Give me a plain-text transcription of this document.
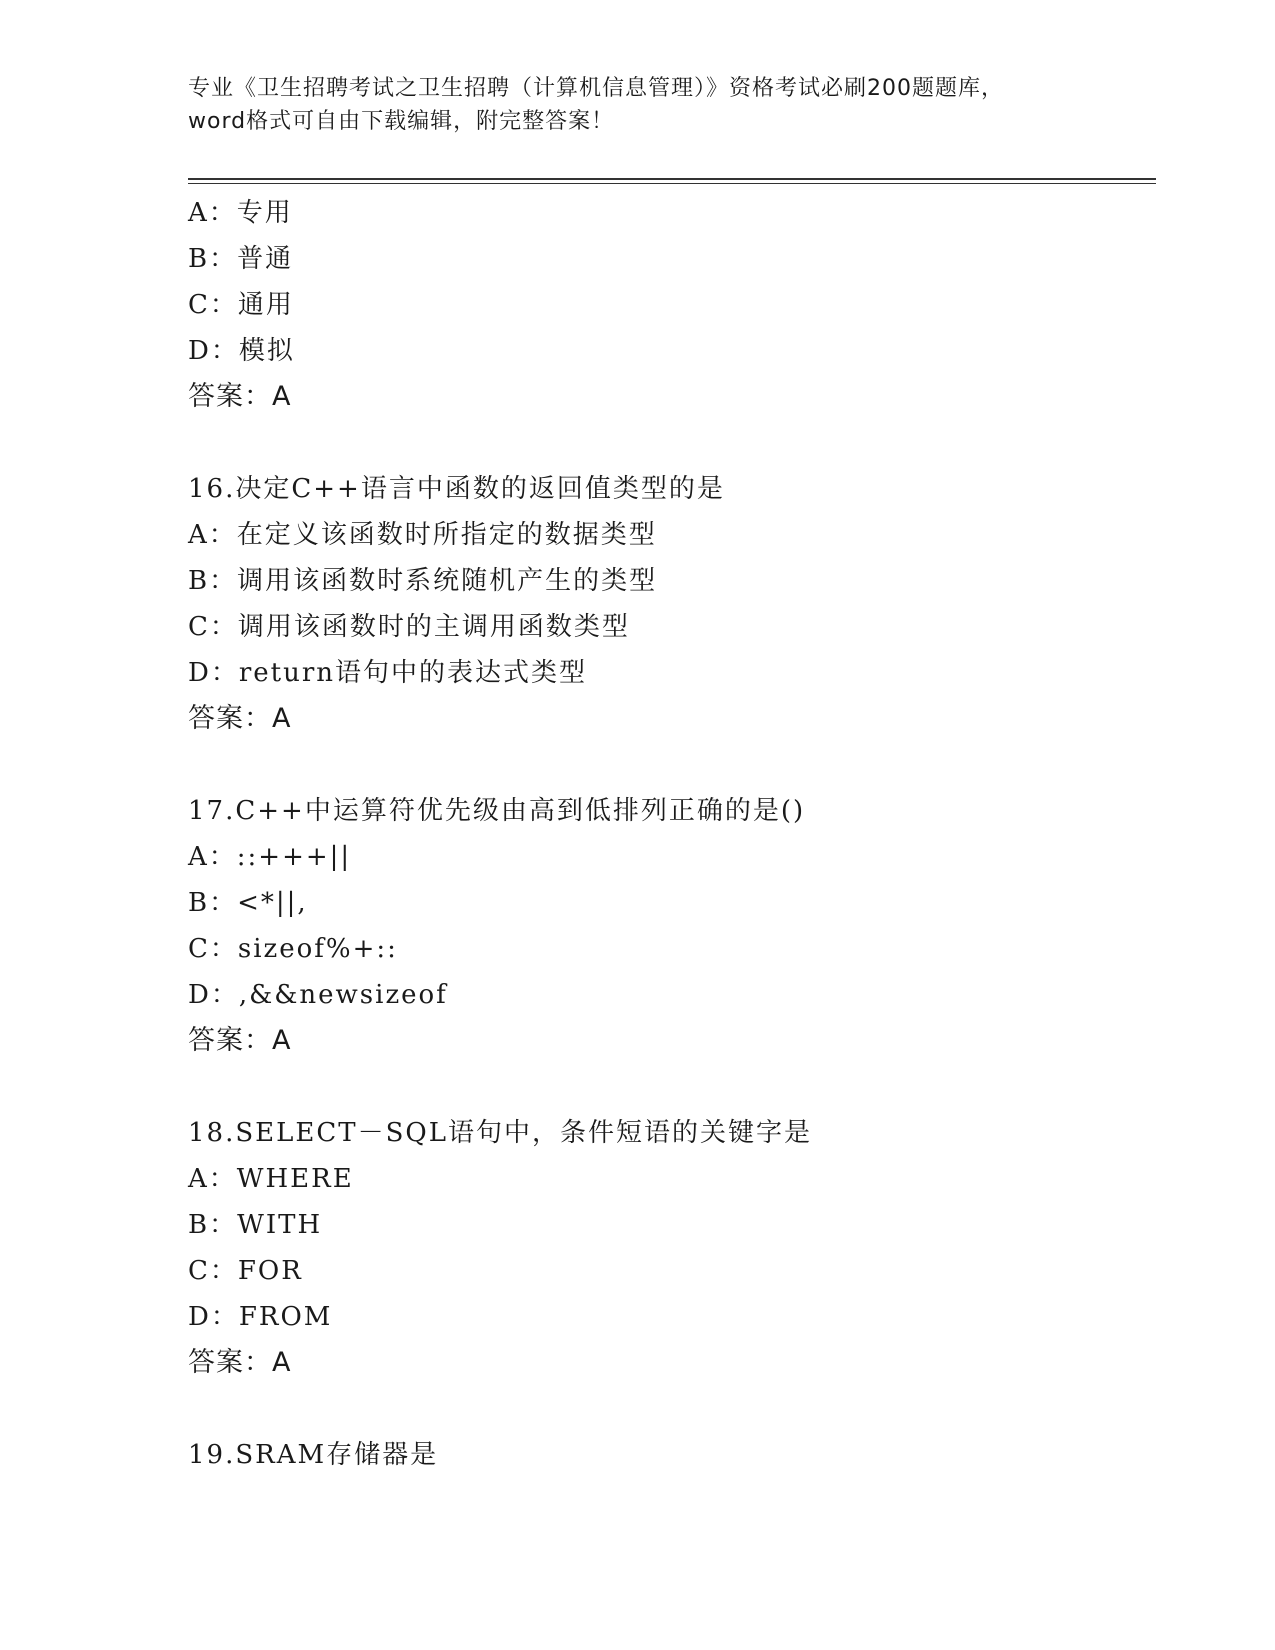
专业《卫生招聘考试之卫生招聘（计算机信息管理）》资格考试必刷200题题库，
word格式可自由下载编辑，附完整答案！
A：专用
B：普通
C：通用
D：模拟
答案：A
16.决定C++语言中函数的返回值类型的是
A：在定义该函数时所指定的数据类型
B：调用该函数时系统随机产生的类型
C：调用该函数时的主调用函数类型
D：return语句中的表达式类型
答案：A
17.C++中运算符优先级由高到低排列正确的是()
A：::+++||
B：<*||,
C：sizeof%+::
D：,&&newsizeof
答案：A
18.SELECT－SQL语句中，条件短语的关键字是
A：WHERE
B：WITH
C：FOR
D：FROM
答案：A
19.SRAM存储器是
